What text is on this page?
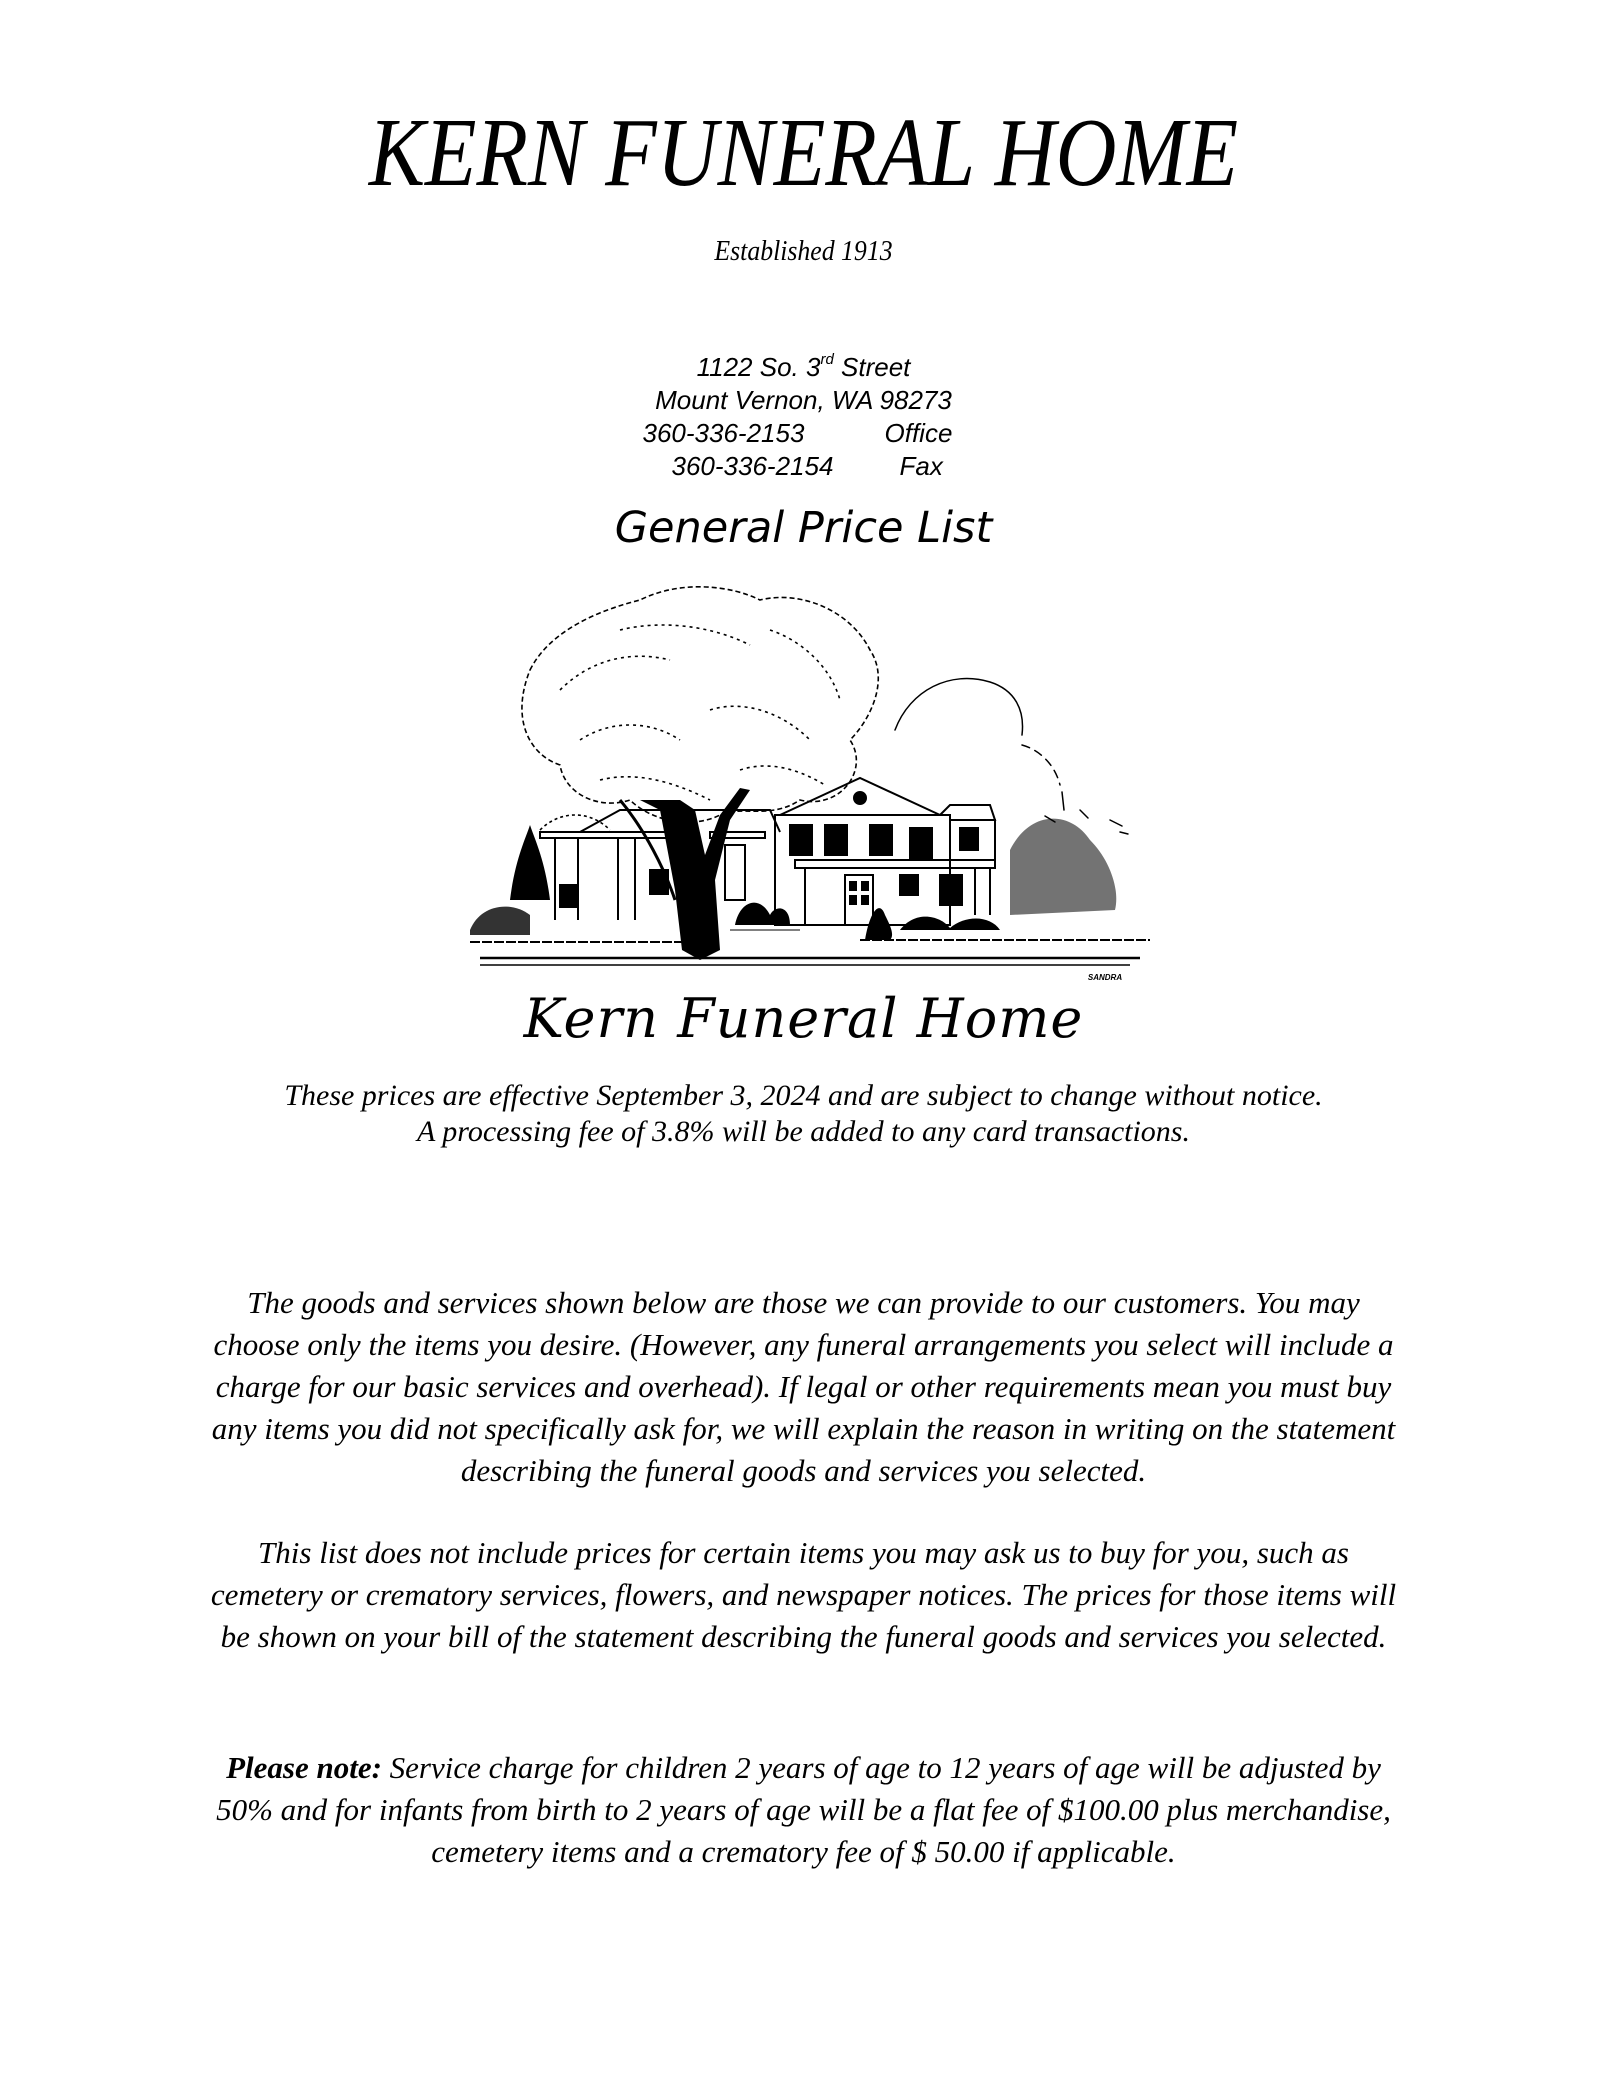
KERN FUNERAL HOME
Established 1913
1122 So. 3rd Street
Mount Vernon, WA 98273
360-336-2153	Office
360-336-2154	Fax
General Price List
SANDRA
Kern Funeral Home
These prices are effective September 3, 2024 and are subject to change without notice.
A processing fee of 3.8% will be added to any card transactions.
The goods and services shown below are those we can provide to our customers. You may
choose only the items you desire. (However, any funeral arrangements you select will include a
charge for our basic services and overhead). If legal or other requirements mean you must buy
any items you did not specifically ask for, we will explain the reason in writing on the statement
describing the funeral goods and services you selected.
This list does not include prices for certain items you may ask us to buy for you, such as
cemetery or crematory services, flowers, and newspaper notices. The prices for those items will
be shown on your bill of the statement describing the funeral goods and services you selected.
Please note: Service charge for children 2 years of age to 12 years of age will be adjusted by
50% and for infants from birth to 2 years of age will be a flat fee of $100.00 plus merchandise,
cemetery items and a crematory fee of $ 50.00 if applicable.
